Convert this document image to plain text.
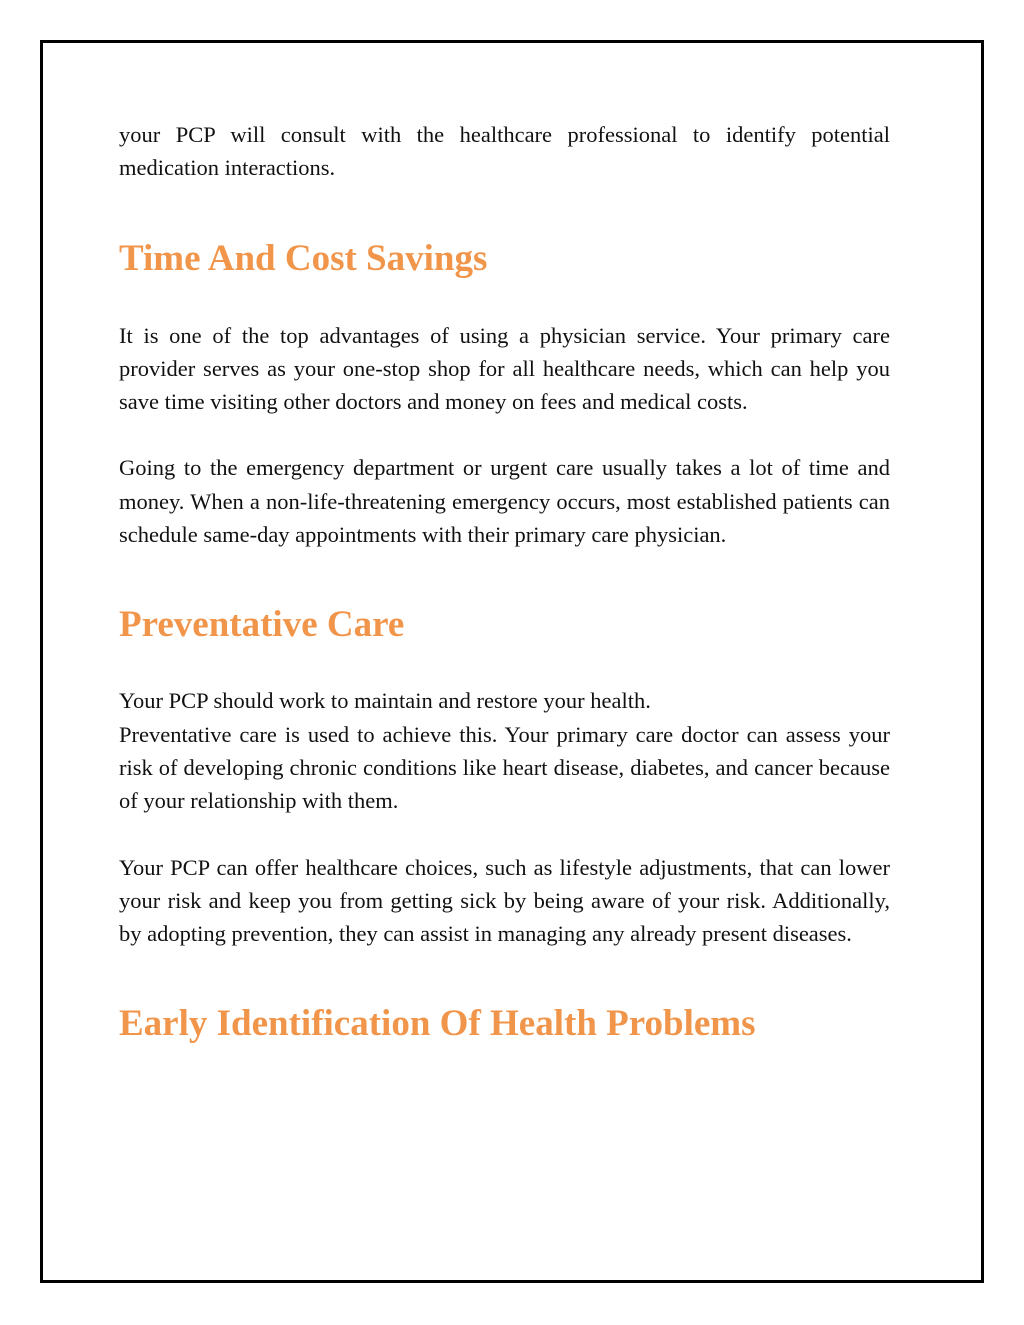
your PCP will consult with the healthcare professional to identify potential medication interactions.

Time And Cost Savings

It is one of the top advantages of using a physician service. Your primary care provider serves as your one-stop shop for all healthcare needs, which can help you save time visiting other doctors and money on fees and medical costs.

Going to the emergency department or urgent care usually takes a lot of time and money. When a non-life-threatening emergency occurs, most established patients can schedule same-day appointments with their primary care physician.

Preventative Care

Your PCP should work to maintain and restore your health.

Preventative care is used to achieve this. Your primary care doctor can assess your risk of developing chronic conditions like heart disease, diabetes, and cancer because of your relationship with them.

Your PCP can offer healthcare choices, such as lifestyle adjustments, that can lower your risk and keep you from getting sick by being aware of your risk. Additionally, by adopting prevention, they can assist in managing any already present diseases.

Early Identification Of Health Problems
